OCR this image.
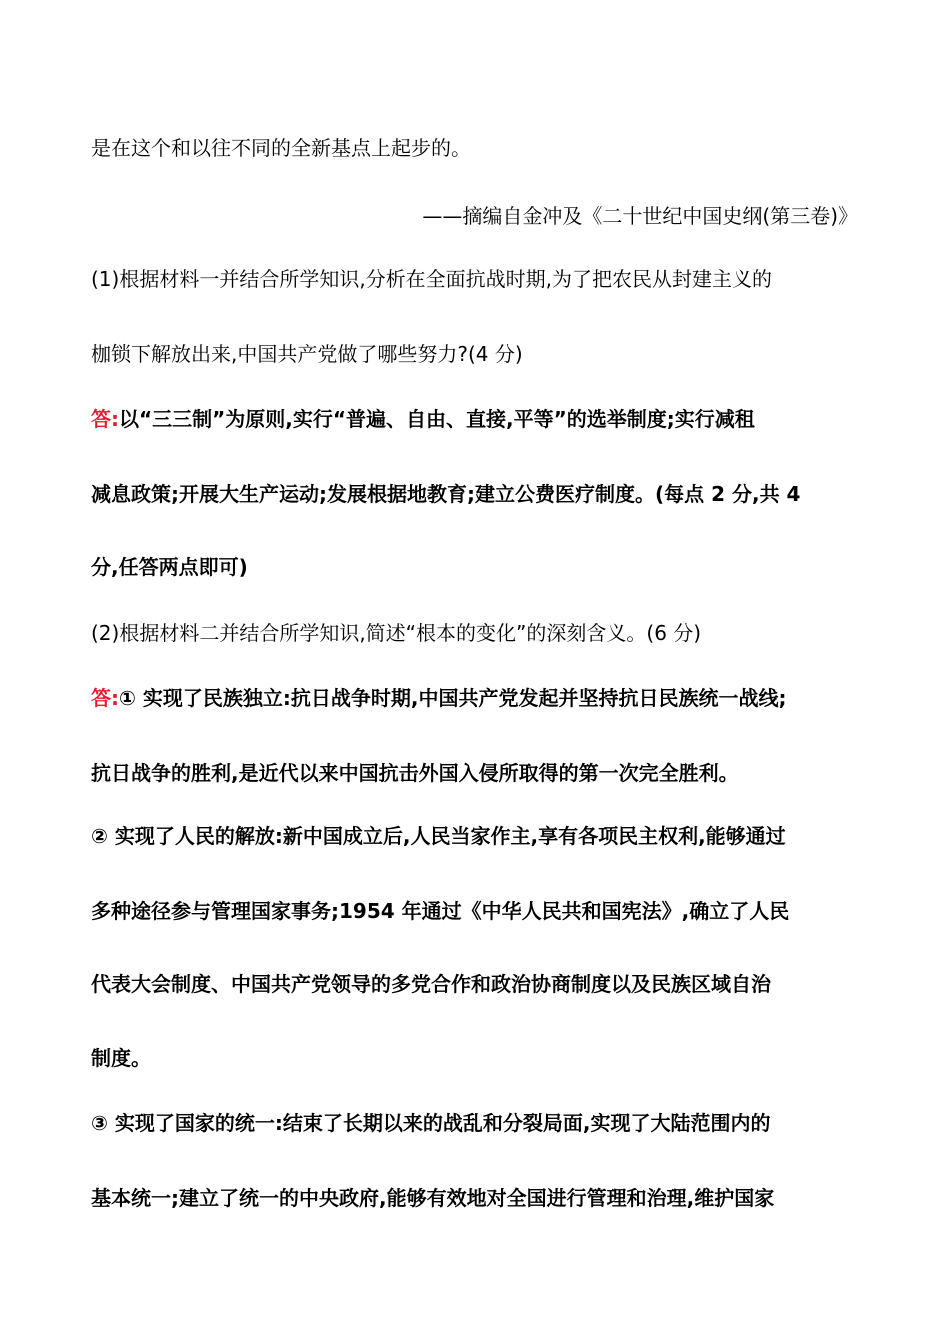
是在这个和以往不同的全新基点上起步的。
——摘编自金冲及《二十世纪中国史纲(第三卷)》
(1)根据材料一并结合所学知识,分析在全面抗战时期,为了把农民从封建主义的
枷锁下解放出来,中国共产党做了哪些努力?(4 分)
答:以“三三制”为原则,实行“普遍、自由、直接,平等”的选举制度;实行减租
减息政策;开展大生产运动;发展根据地教育;建立公费医疗制度。(每点 2 分,共 4
分,任答两点即可)
(2)根据材料二并结合所学知识,简述“根本的变化”的深刻含义。(6 分)
答:① 实现了民族独立:抗日战争时期,中国共产党发起并坚持抗日民族统一战线;
抗日战争的胜利,是近代以来中国抗击外国入侵所取得的第一次完全胜利。
② 实现了人民的解放:新中国成立后,人民当家作主,享有各项民主权利,能够通过
多种途径参与管理国家事务;1954 年通过《中华人民共和国宪法》,确立了人民
代表大会制度、中国共产党领导的多党合作和政治协商制度以及民族区域自治
制度。
③ 实现了国家的统一:结束了长期以来的战乱和分裂局面,实现了大陆范围内的
基本统一;建立了统一的中央政府,能够有效地对全国进行管理和治理,维护国家
